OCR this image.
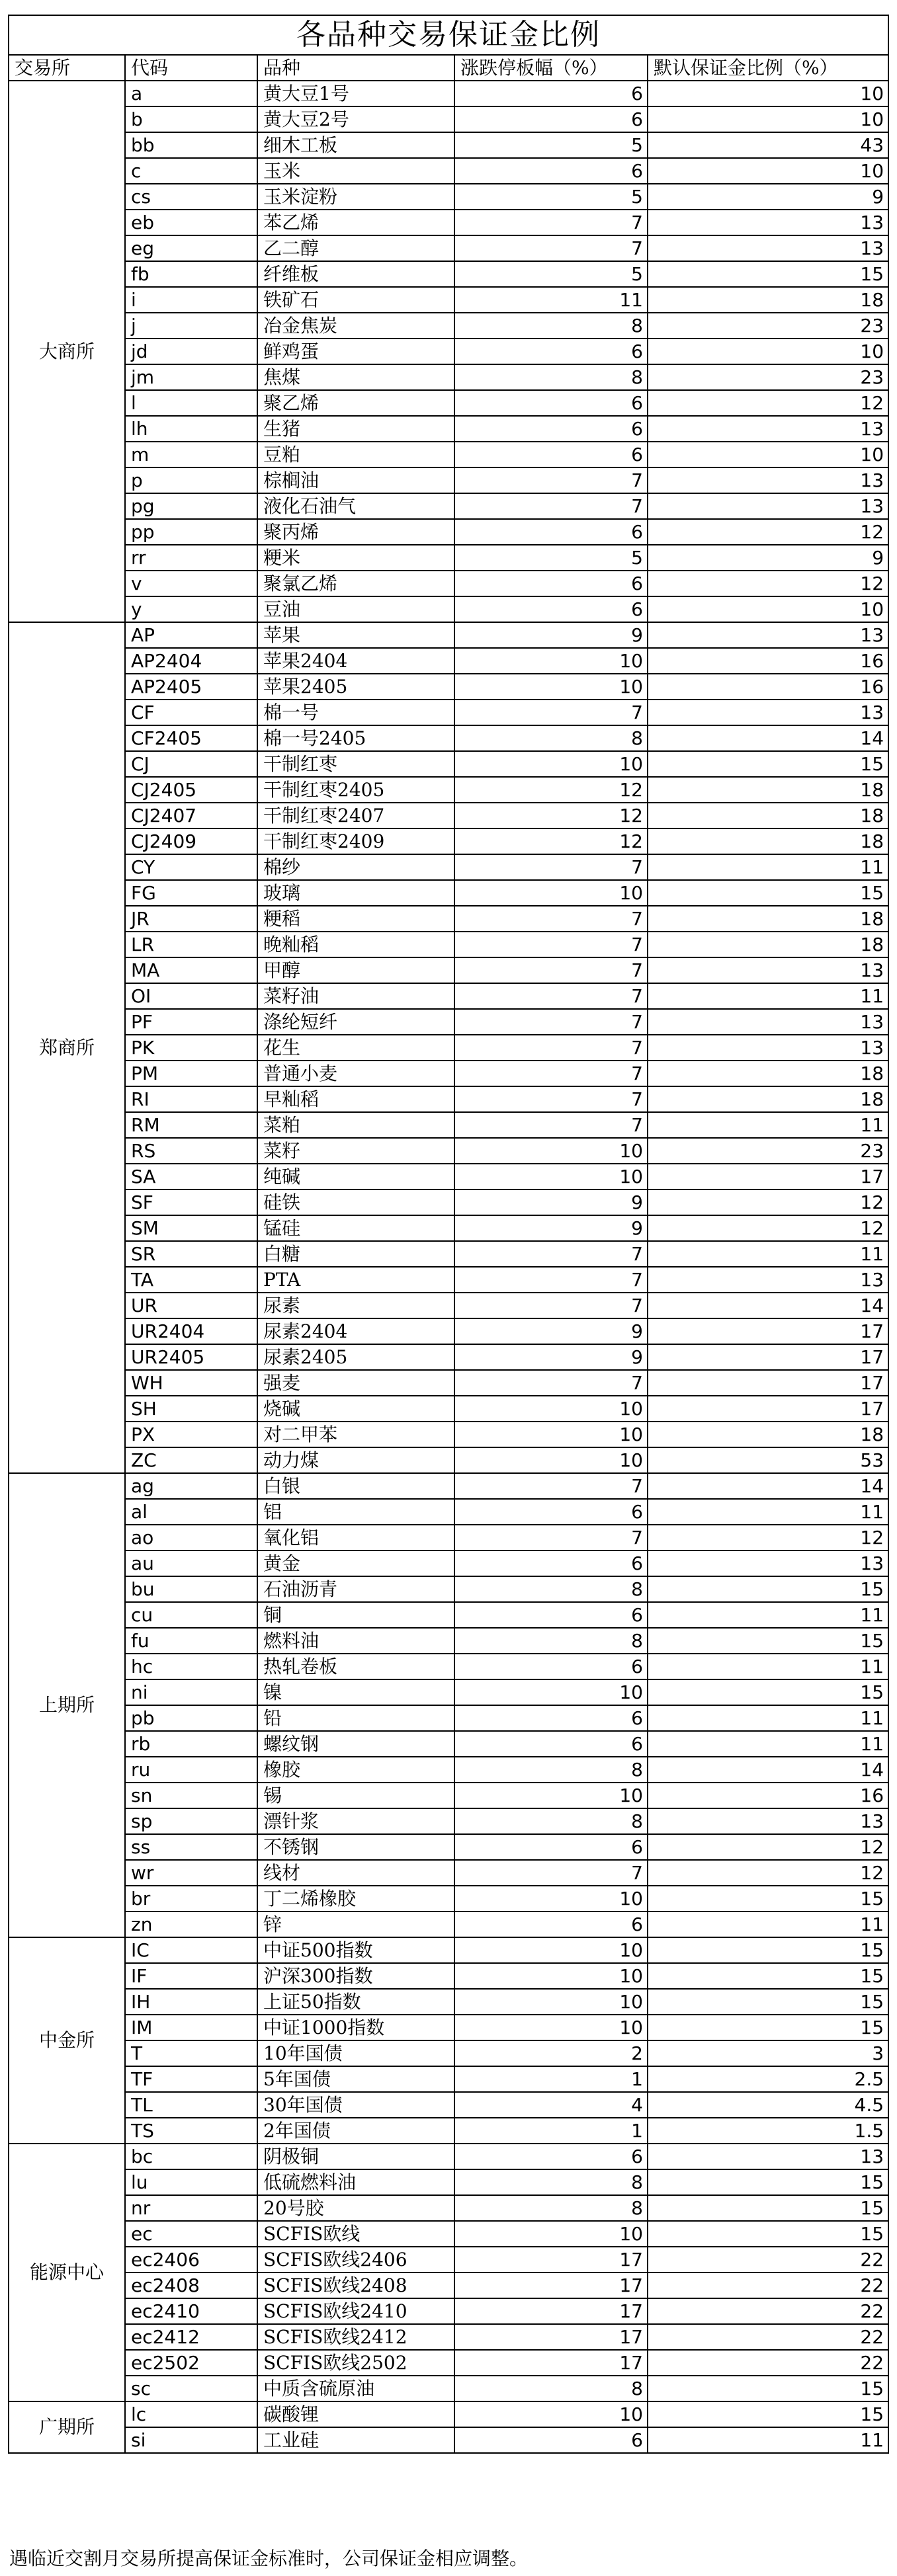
各品种交易保证金比例				
交易所	代码	品种	涨跌停板幅（%）	默认保证金比例（%）
大商所	a	黄大豆1号	6	10
	b	黄大豆2号	6	10
	bb	细木工板	5	43
	c	玉米	6	10
	cs	玉米淀粉	5	9
	eb	苯乙烯	7	13
	eg	乙二醇	7	13
	fb	纤维板	5	15
	i	铁矿石	11	18
	j	冶金焦炭	8	23
	jd	鲜鸡蛋	6	10
	jm	焦煤	8	23
	l	聚乙烯	6	12
	lh	生猪	6	13
	m	豆粕	6	10
	p	棕榈油	7	13
	pg	液化石油气	7	13
	pp	聚丙烯	6	12
	rr	粳米	5	9
	v	聚氯乙烯	6	12
	y	豆油	6	10
郑商所	AP	苹果	9	13
	AP2404	苹果2404	10	16
	AP2405	苹果2405	10	16
	CF	棉一号	7	13
	CF2405	棉一号2405	8	14
	CJ	干制红枣	10	15
	CJ2405	干制红枣2405	12	18
	CJ2407	干制红枣2407	12	18
	CJ2409	干制红枣2409	12	18
	CY	棉纱	7	11
	FG	玻璃	10	15
	JR	粳稻	7	18
	LR	晚籼稻	7	18
	MA	甲醇	7	13
	OI	菜籽油	7	11
	PF	涤纶短纤	7	13
	PK	花生	7	13
	PM	普通小麦	7	18
	RI	早籼稻	7	18
	RM	菜粕	7	11
	RS	菜籽	10	23
	SA	纯碱	10	17
	SF	硅铁	9	12
	SM	锰硅	9	12
	SR	白糖	7	11
	TA	PTA	7	13
	UR	尿素	7	14
	UR2404	尿素2404	9	17
	UR2405	尿素2405	9	17
	WH	强麦	7	17
	SH	烧碱	10	17
	PX	对二甲苯	10	18
	ZC	动力煤	10	53
上期所	ag	白银	7	14
	al	铝	6	11
	ao	氧化铝	7	12
	au	黄金	6	13
	bu	石油沥青	8	15
	cu	铜	6	11
	fu	燃料油	8	15
	hc	热轧卷板	6	11
	ni	镍	10	15
	pb	铅	6	11
	rb	螺纹钢	6	11
	ru	橡胶	8	14
	sn	锡	10	16
	sp	漂针浆	8	13
	ss	不锈钢	6	12
	wr	线材	7	12
	br	丁二烯橡胶	10	15
	zn	锌	6	11
中金所	IC	中证500指数	10	15
	IF	沪深300指数	10	15
	IH	上证50指数	10	15
	IM	中证1000指数	10	15
	T	10年国债	2	3
	TF	5年国债	1	2.5
	TL	30年国债	4	4.5
	TS	2年国债	1	1.5
能源中心	bc	阴极铜	6	13
	lu	低硫燃料油	8	15
	nr	20号胶	8	15
	ec	SCFIS欧线	10	15
	ec2406	SCFIS欧线2406	17	22
	ec2408	SCFIS欧线2408	17	22
	ec2410	SCFIS欧线2410	17	22
	ec2412	SCFIS欧线2412	17	22
	ec2502	SCFIS欧线2502	17	22
	sc	中质含硫原油	8	15
广期所	lc	碳酸锂	10	15
	si	工业硅	6	11
遇临近交割月交易所提高保证金标准时，公司保证金相应调整。
